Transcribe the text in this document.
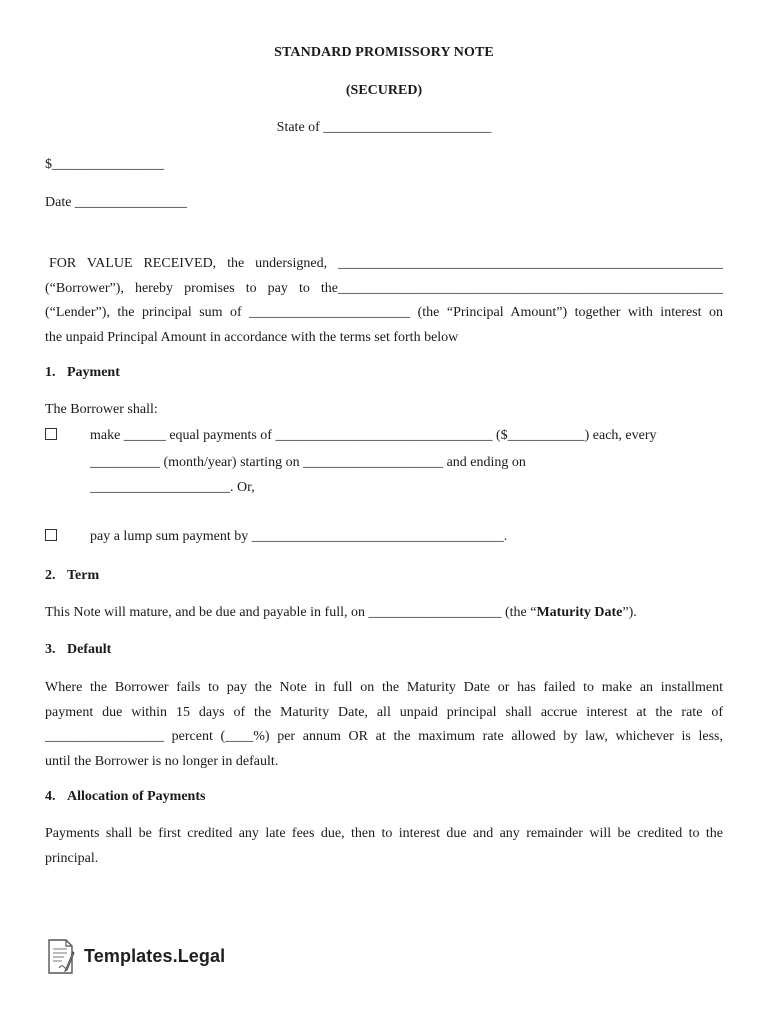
STANDARD PROMISSORY NOTE
(SECURED)
State of ________________________
$________________
Date ________________
FOR VALUE RECEIVED, the undersigned, _______________________________________________________
(“Borrower”), hereby promises to pay to the_______________________________________________________
(“Lender”), the principal sum of _______________________ (the “Principal Amount”) together with interest on
the unpaid Principal Amount in accordance with the terms set forth below
1. Payment
The Borrower shall:
make ______ equal payments of _______________________________ ($___________) each, every
__________ (month/year) starting on ____________________ and ending on
____________________. Or,
pay a lump sum payment by ____________________________________.
2. Term
This Note will mature, and be due and payable in full, on ___________________ (the “Maturity Date”).
3. Default
Where the Borrower fails to pay the Note in full on the Maturity Date or has failed to make an installment
payment due within 15 days of the Maturity Date, all unpaid principal shall accrue interest at the rate of
_________________ percent (____%) per annum OR at the maximum rate allowed by law, whichever is less,
until the Borrower is no longer in default.
4. Allocation of Payments
Payments shall be first credited any late fees due, then to interest due and any remainder will be credited to the
principal.
Templates.Legal
